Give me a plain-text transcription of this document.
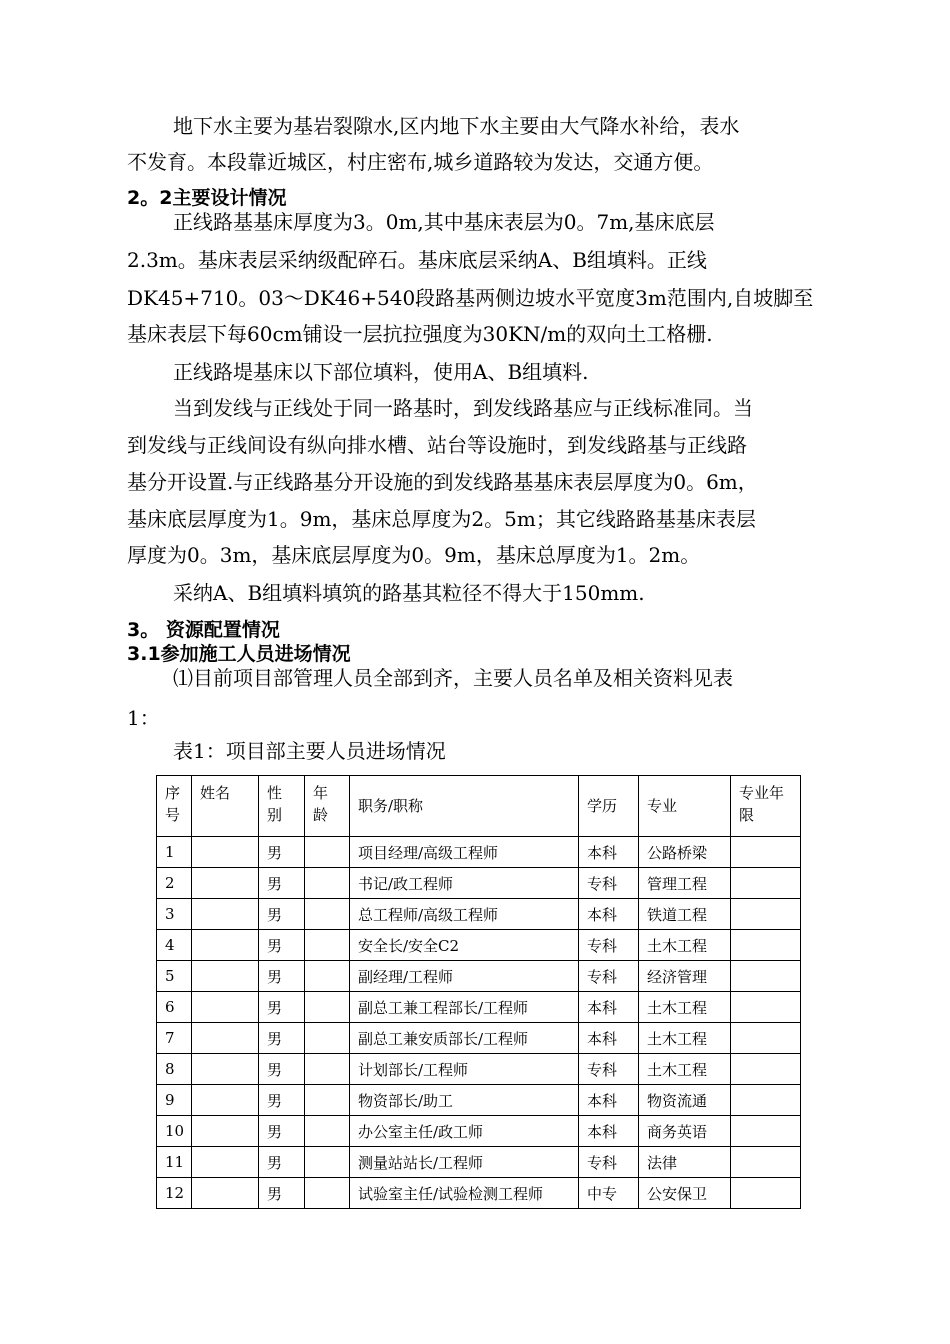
地下水主要为基岩裂隙水,区内地下水主要由大气降水补给，表水
不发育。本段靠近城区，村庄密布,城乡道路较为发达，交通方便。
2。2主要设计情况
正线路基基床厚度为3。0m,其中基床表层为0。7m,基床底层
2.3m。基床表层采纳级配碎石。基床底层采纳A、B组填料。正线
DK45+710。03～DK46+540段路基两侧边坡水平宽度3m范围内,自坡脚至
基床表层下每60cm铺设一层抗拉强度为30KN/m的双向土工格栅.
正线路堤基床以下部位填料，使用A、B组填料.
当到发线与正线处于同一路基时，到发线路基应与正线标准同。当
到发线与正线间设有纵向排水槽、站台等设施时，到发线路基与正线路
基分开设置.与正线路基分开设施的到发线路基基床表层厚度为0。6m，
基床底层厚度为1。9m，基床总厚度为2。5m；其它线路路基基床表层
厚度为0。3m，基床底层厚度为0。9m，基床总厚度为1。2m。
采纳A、B组填料填筑的路基其粒径不得大于150mm.
3。 资源配置情况
3.1参加施工人员进场情况
⑴目前项目部管理人员全部到齐，主要人员名单及相关资料见表
1：
表1：项目部主要人员进场情况
序
号	姓名	性
别	年
龄	职务/职称	学历	专业	专业年
限
1		男		项目经理/高级工程师	本科	公路桥梁	
2		男		书记/政工程师	专科	管理工程	
3		男		总工程师/高级工程师	本科	铁道工程	
4		男		安全长/安全C2	专科	土木工程	
5		男		副经理/工程师	专科	经济管理	
6		男		副总工兼工程部长/工程师	本科	土木工程	
7		男		副总工兼安质部长/工程师	本科	土木工程	
8		男		计划部长/工程师	专科	土木工程	
9		男		物资部长/助工	本科	物资流通	
10		男		办公室主任/政工师	本科	商务英语	
11		男		测量站站长/工程师	专科	法律	
12		男		试验室主任/试验检测工程师	中专	公安保卫	
